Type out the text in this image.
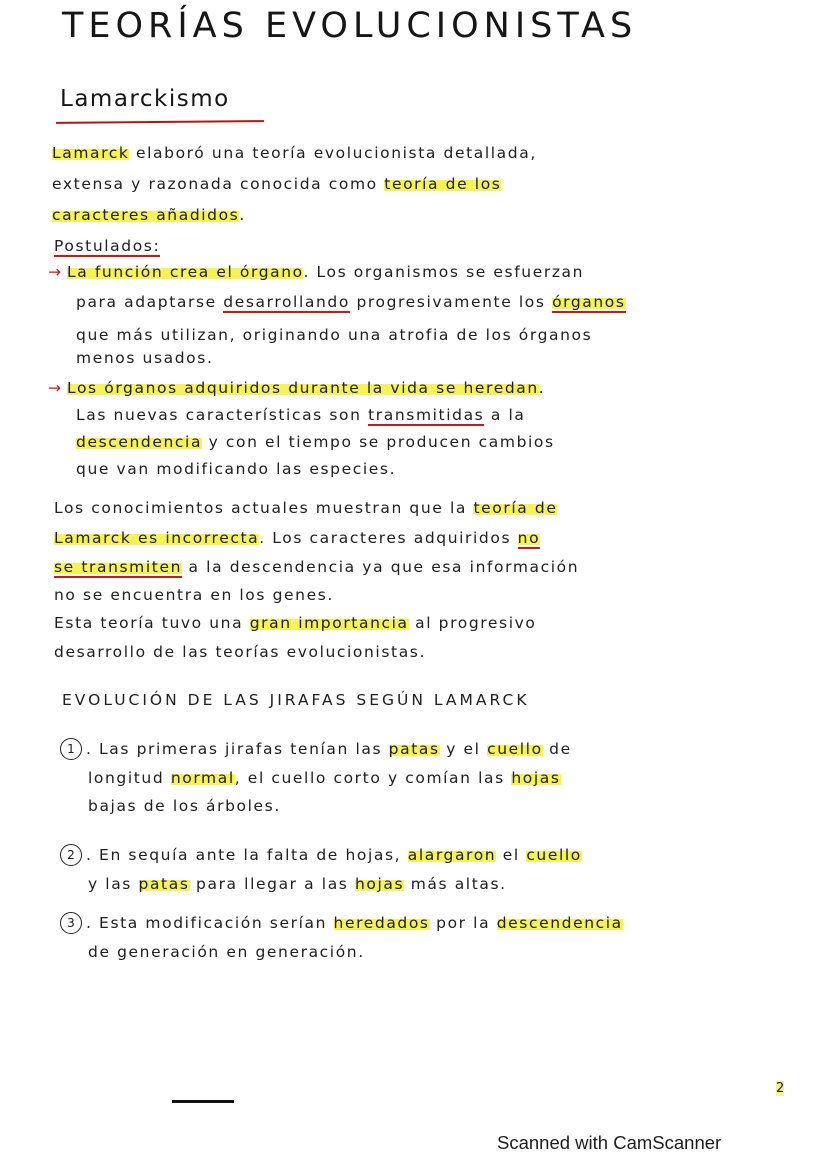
TEORÍAS EVOLUCIONISTAS
Lamarckismo

Lamarck elaboró una teoría evolucionista detallada,

extensa y razonada conocida como teoría de los

caracteres añadidos.

Postulados:

→ La función crea el órgano. Los organismos se esfuerzan

para adaptarse desarrollando progresivamente los órganos

que más utilizan, originando una atrofia de los órganos

menos usados.

→ Los órganos adquiridos durante la vida se heredan.

Las nuevas características son transmitidas a la

descendencia y con el tiempo se producen cambios

que van modificando las especies.

Los conocimientos actuales muestran que la teoría de

Lamarck es incorrecta. Los caracteres adquiridos no

se transmiten a la descendencia ya que esa información

no se encuentra en los genes.

Esta teoría tuvo una gran importancia al progresivo

desarrollo de las teorías evolucionistas.

EVOLUCIÓN DE LAS JIRAFAS SEGÚN LAMARCK

1 . Las primeras jirafas tenían las patas y el cuello de

longitud normal, el cuello corto y comían las hojas

bajas de los árboles.

2 . En sequía ante la falta de hojas, alargaron el cuello

y las patas para llegar a las hojas más altas.

3 . Esta modificación serían heredados por la descendencia

de generación en generación.

2
Scanned with CamScanner
